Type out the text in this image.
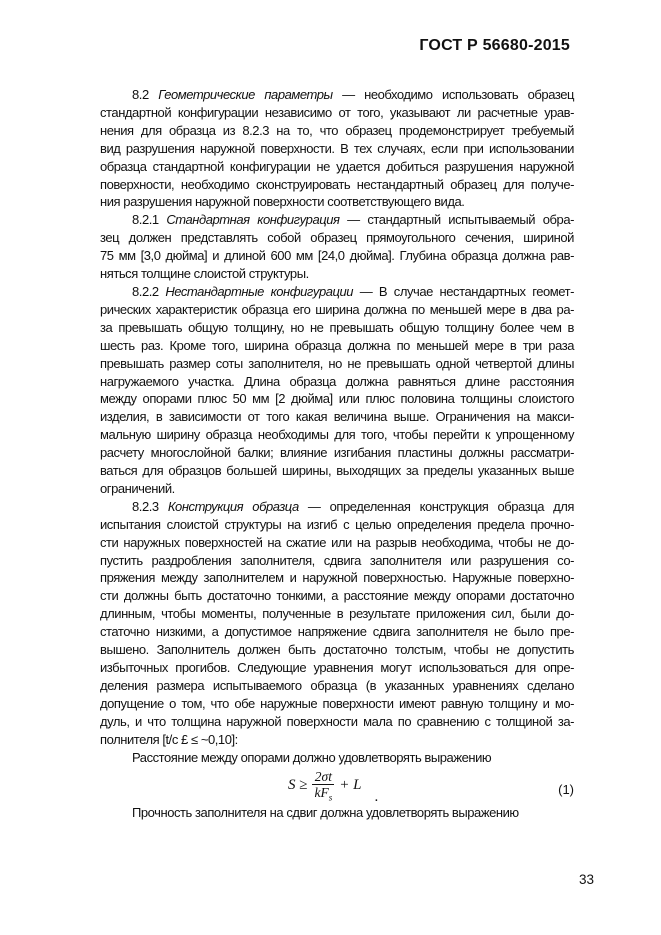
ГОСТ Р 56680-2015
8.2 Геометрические параметры — необходимо использовать образец
стандартной конфигурации независимо от того, указывают ли расчетные урав-
нения для образца из 8.2.3 на то, что образец продемонстрирует требуемый
вид разрушения наружной поверхности. В тех случаях, если при использовании
образца стандартной конфигурации не удается добиться разрушения наружной
поверхности, необходимо сконструировать нестандартный образец для получе-
ния разрушения наружной поверхности соответствующего вида.
8.2.1 Стандартная конфигурация — стандартный испытываемый обра-
зец должен представлять собой образец прямоугольного сечения, шириной
75 мм [3,0 дюйма] и длиной 600 мм [24,0 дюйма]. Глубина образца должна рав-
няться толщине слоистой структуры.
8.2.2 Нестандартные конфигурации — В случае нестандартных геомет-
рических характеристик образца его ширина должна по меньшей мере в два ра-
за превышать общую толщину, но не превышать общую толщину более чем в
шесть раз. Кроме того, ширина образца должна по меньшей мере в три раза
превышать размер соты заполнителя, но не превышать одной четвертой длины
нагружаемого участка. Длина образца должна равняться длине расстояния
между опорами плюс 50 мм [2 дюйма] или плюс половина толщины слоистого
изделия, в зависимости от того какая величина выше. Ограничения на макси-
мальную ширину образца необходимы для того, чтобы перейти к упрощенному
расчету многослойной балки; влияние изгибания пластины должны рассматри-
ваться для образцов большей ширины, выходящих за пределы указанных выше
ограничений.
8.2.3 Конструкция образца — определенная конструкция образца для
испытания слоистой структуры на изгиб с целью определения предела прочно-
сти наружных поверхностей на сжатие или на разрыв необходима, чтобы не до-
пустить раздробления заполнителя, сдвига заполнителя или разрушения со-
пряжения между заполнителем и наружной поверхностью. Наружные поверхно-
сти должны быть достаточно тонкими, а расстояние между опорами достаточно
длинным, чтобы моменты, полученные в результате приложения сил, были до-
статочно низкими, а допустимое напряжение сдвига заполнителя не было пре-
вышено. Заполнитель должен быть достаточно толстым, чтобы не допустить
избыточных прогибов. Следующие уравнения могут использоваться для опре-
деления размера испытываемого образца (в указанных уравнениях сделано
допущение о том, что обе наружные поверхности имеют равную толщину и мо-
дуль, и что толщина наружной поверхности мала по сравнению с толщиной за-
полнителя [t/c £ ≤ ~0,10]:
Расстояние между опорами должно удовлетворять выражению
$S \ge \frac{2\sigma t}{kF_s} + L$
.	(1)
Прочность заполнителя на сдвиг должна удовлетворять выражению
33
